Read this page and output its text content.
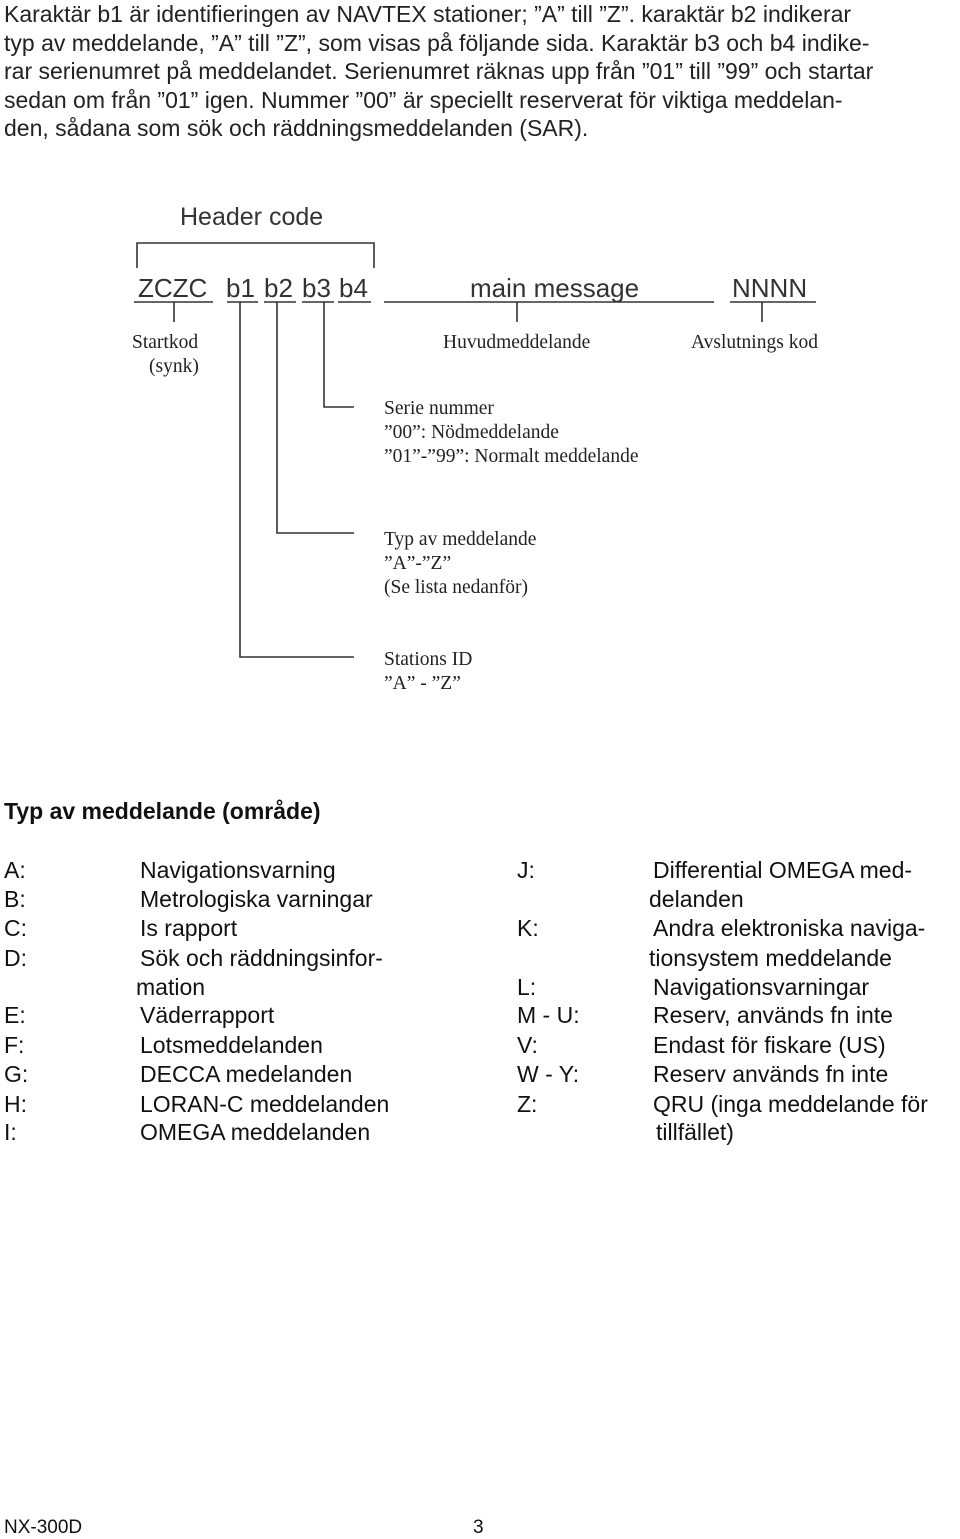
Karaktär b1 är identifieringen av NAVTEX stationer; ”A” till ”Z”. karaktär b2 indikerar
typ av meddelande, ”A” till ”Z”, som visas på följande sida. Karaktär b3 och b4 indike-
rar serienumret på meddelandet. Serienumret räknas upp från ”01” till ”99” och startar
sedan om från ”01” igen. Nummer ”00” är speciellt reserverat för viktiga meddelan-
den, sådana som sök och räddningsmeddelanden (SAR).
Header code
ZCZC b1 b2 b3 b4	main message	NNNN
Startkod
(synk)
Huvudmeddelande	Avslutnings kod
Serie nummer
”00”: Nödmeddelande
”01”-”99”: Normalt meddelande
Typ av meddelande
”A”-”Z”
(Se lista nedanför)
Stations ID
”A” - ”Z”
Typ av meddelande (område)
A:	Navigationsvarning
B:	Metrologiska varningar
C:	Is rapport
D:	Sök och räddningsinfor-
mation
E:	Väderrapport
F:	Lotsmeddelanden
G:	DECCA medelanden
H:	LORAN-C meddelanden
I:	OMEGA meddelanden
J:	Differential OMEGA med-
delanden
K:	Andra elektroniska naviga-
tionsystem meddelande
L:	Navigationsvarningar
M - U:	Reserv, används fn inte
V:	Endast för fiskare (US)
W - Y:	Reserv används fn inte
Z:	QRU (inga meddelande för
tillfället)
NX-300D	3
